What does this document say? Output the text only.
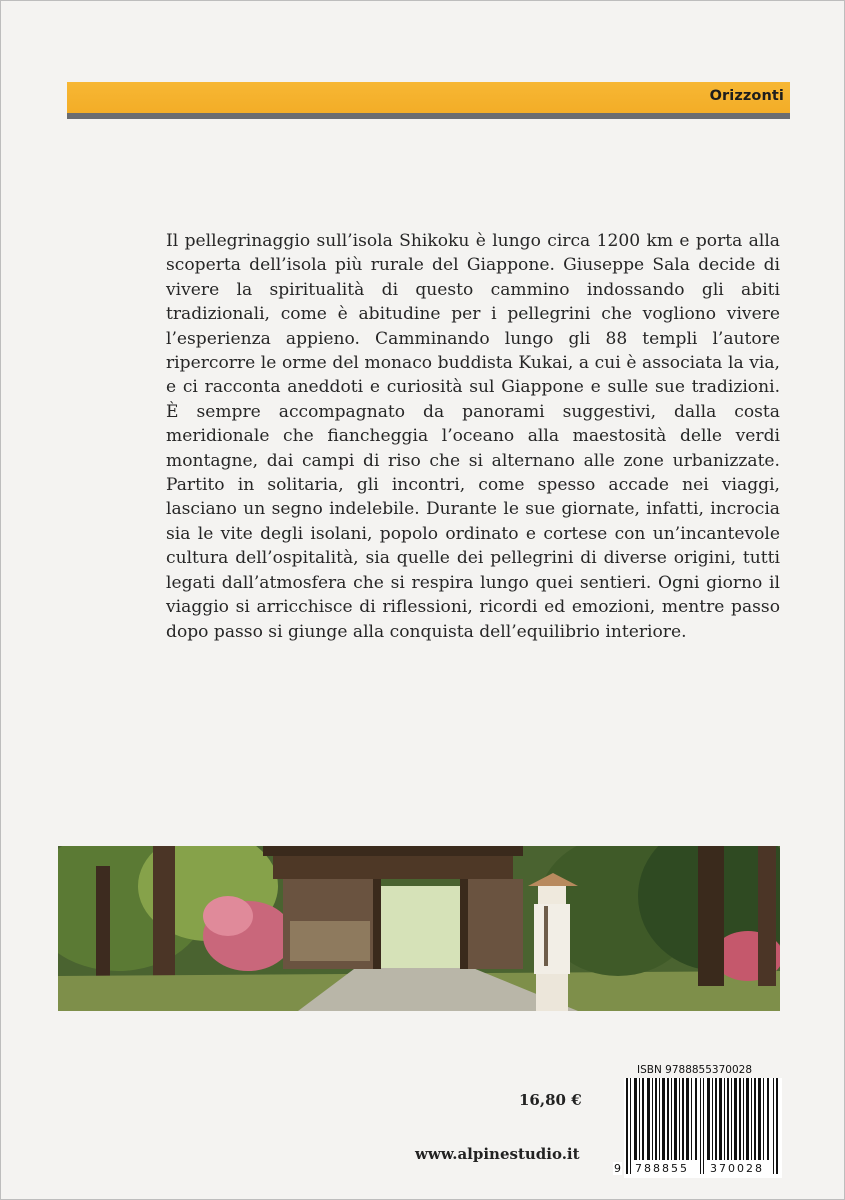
Orizzonti

Il pellegrinaggio sull’isola Shikoku è lungo circa 1200 km e porta alla scoperta dell’isola più rurale del Giappone. Giuseppe Sala decide di vivere la spiritualità di questo cammino indossando gli abiti tradizionali, come è abitudine per i pellegrini che vogliono vivere l’esperienza appieno. Camminando lungo gli 88 templi l’autore ripercorre le orme del monaco buddista Kukai, a cui è associata la via, e ci racconta aneddoti e curiosità sul Giappone e sulle sue tradizioni. È sempre accompagnato da panorami suggestivi, dalla costa meridionale che fiancheggia l’oceano alla maestosità delle verdi montagne, dai campi di riso che si alternano alle zone urbanizzate. Partito in solitaria, gli incontri, come spesso accade nei viaggi, lasciano un segno indelebile. Durante le sue giornate, infatti, incrocia sia le vite degli isolani, popolo ordinato e cortese con un’incantevole cultura dell’ospitalità, sia quelle dei pellegrini di diverse origini, tutti legati dall’atmosfera che si respira lungo quei sentieri. Ogni giorno il viaggio si arricchisce di riflessioni, ricordi ed emozioni, mentre passo dopo passo si giunge alla conquista dell’equilibrio interiore.

16,80 €
www.alpinestudio.it
ISBN 9788855370028
9 788855 370028
